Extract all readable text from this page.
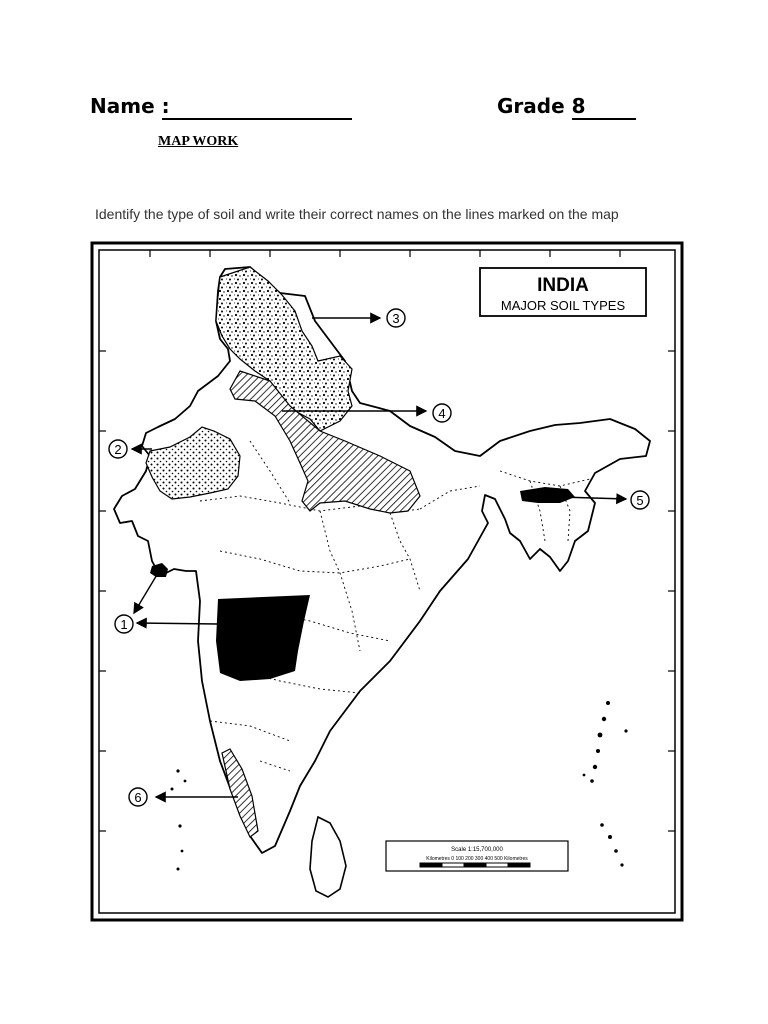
Name :	Grade 8
MAP WORK
Identify the type of soil and write their correct names on the lines marked on the map
INDIA
MAJOR SOIL TYPES
Scale 1:15,700,000
Kilometres 0 100 200 300 400 500 Kilometres
3
4
2
5
1
6
